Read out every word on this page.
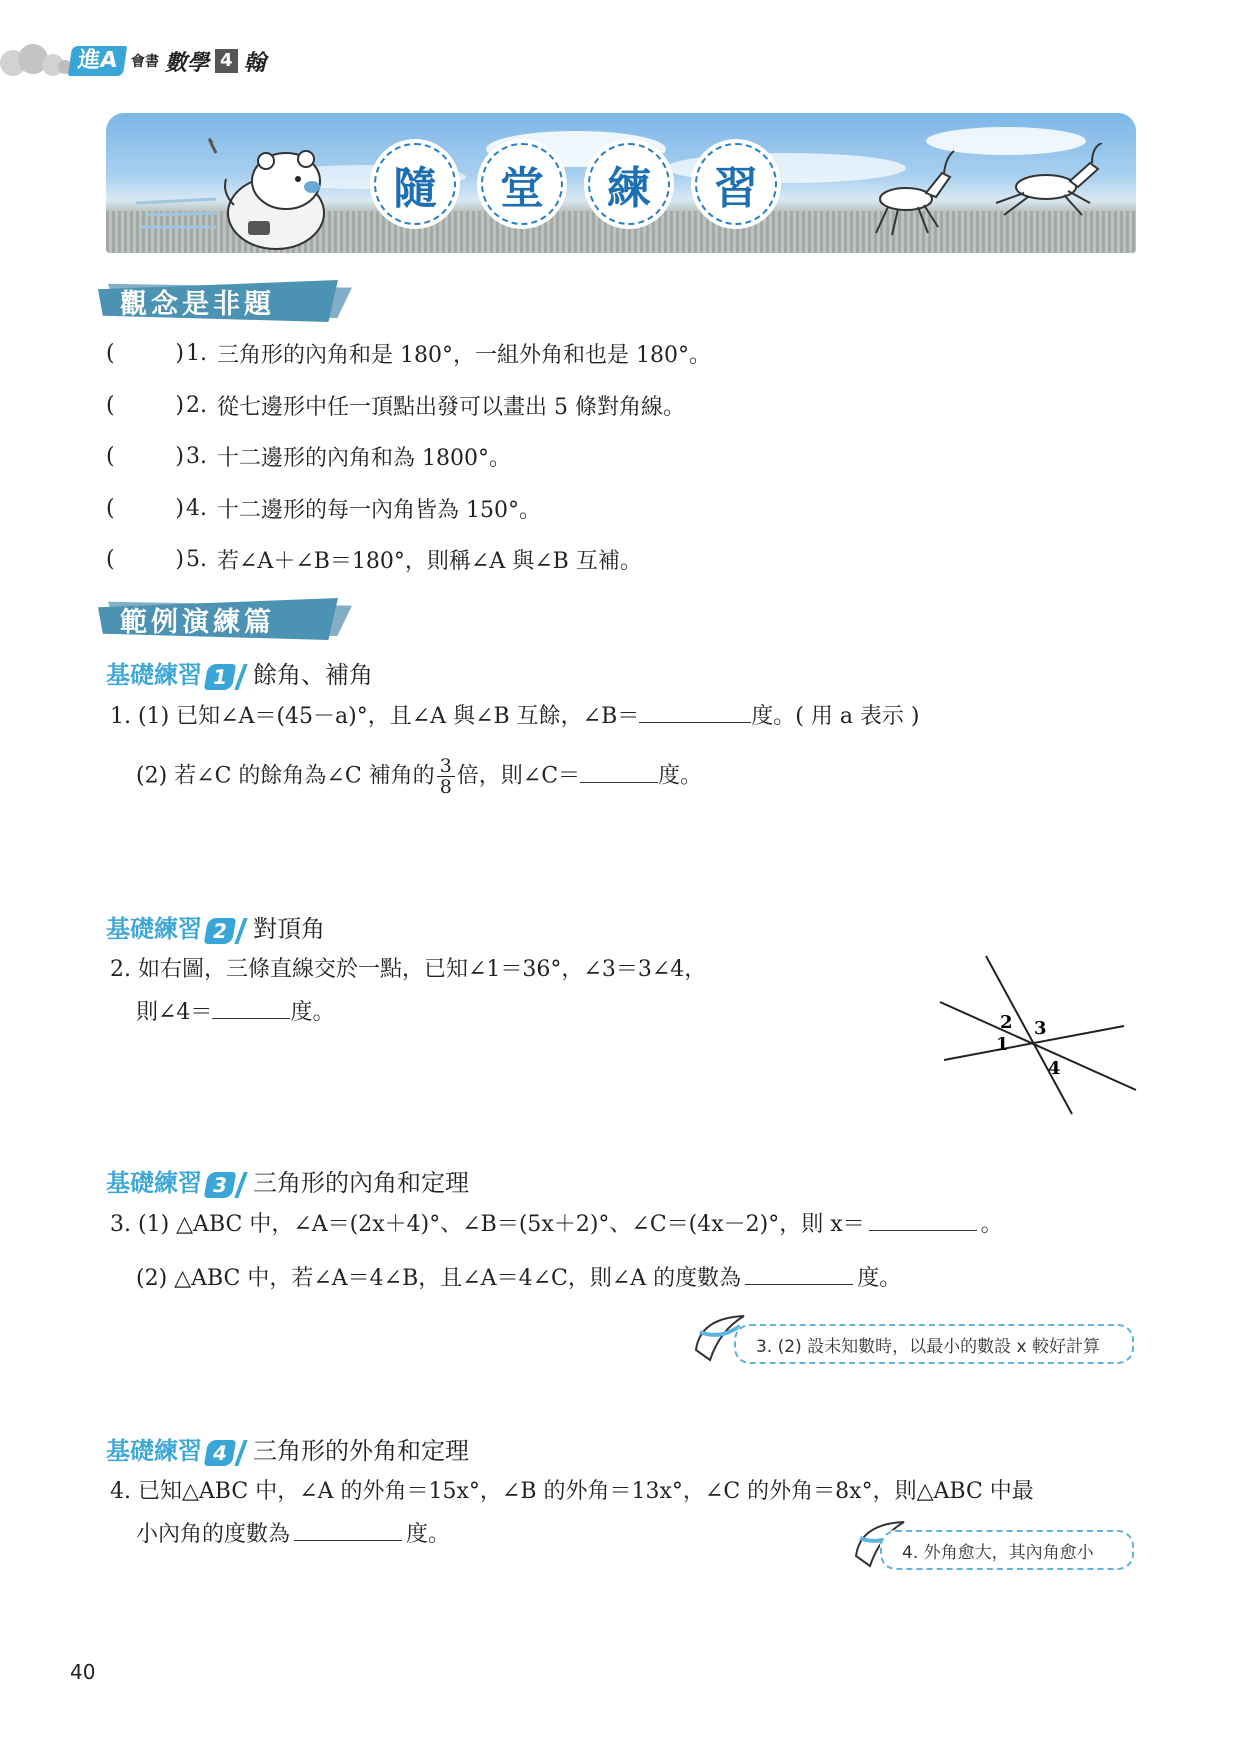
進A 會書 數學 4 翰
隨	堂	練	習
觀念是非題
(	) 1. 三角形的內角和是 180°，一組外角和也是 180°。
(	) 2. 從七邊形中任一頂點出發可以畫出 5 條對角線。
(	) 3. 十二邊形的內角和為 1800°。
(	) 4. 十二邊形的每一內角皆為 150°。
(	) 5. 若∠A＋∠B＝180°，則稱∠A 與∠B 互補。
範例演練篇
基礎練習 1 餘角、補角
1. (1) 已知∠A＝(45－a)°，且∠A 與∠B 互餘，∠B＝	度。( 用 a 表示 )
(2) 若∠C 的餘角為∠C 補角的 $\frac{3}{8}$ 倍，則∠C＝	度。
基礎練習 2 對頂角
2. 如右圖，三條直線交於一點，已知∠1＝36°，∠3＝3∠4，
則∠4＝	度。
1
2 3
4
基礎練習 3 三角形的內角和定理
3. (1) △ABC 中，∠A＝(2x＋4)°、∠B＝(5x＋2)°、∠C＝(4x－2)°，則 x＝	。
(2) △ABC 中，若∠A＝4∠B，且∠A＝4∠C，則∠A 的度數為	度。
3. (2) 設未知數時，以最小的數設 x 較好計算
基礎練習 4 三角形的外角和定理
4. 已知△ABC 中，∠A 的外角＝15x°，∠B 的外角＝13x°，∠C 的外角＝8x°，則△ABC 中最
小內角的度數為	度。
4. 外角愈大，其內角愈小
40
